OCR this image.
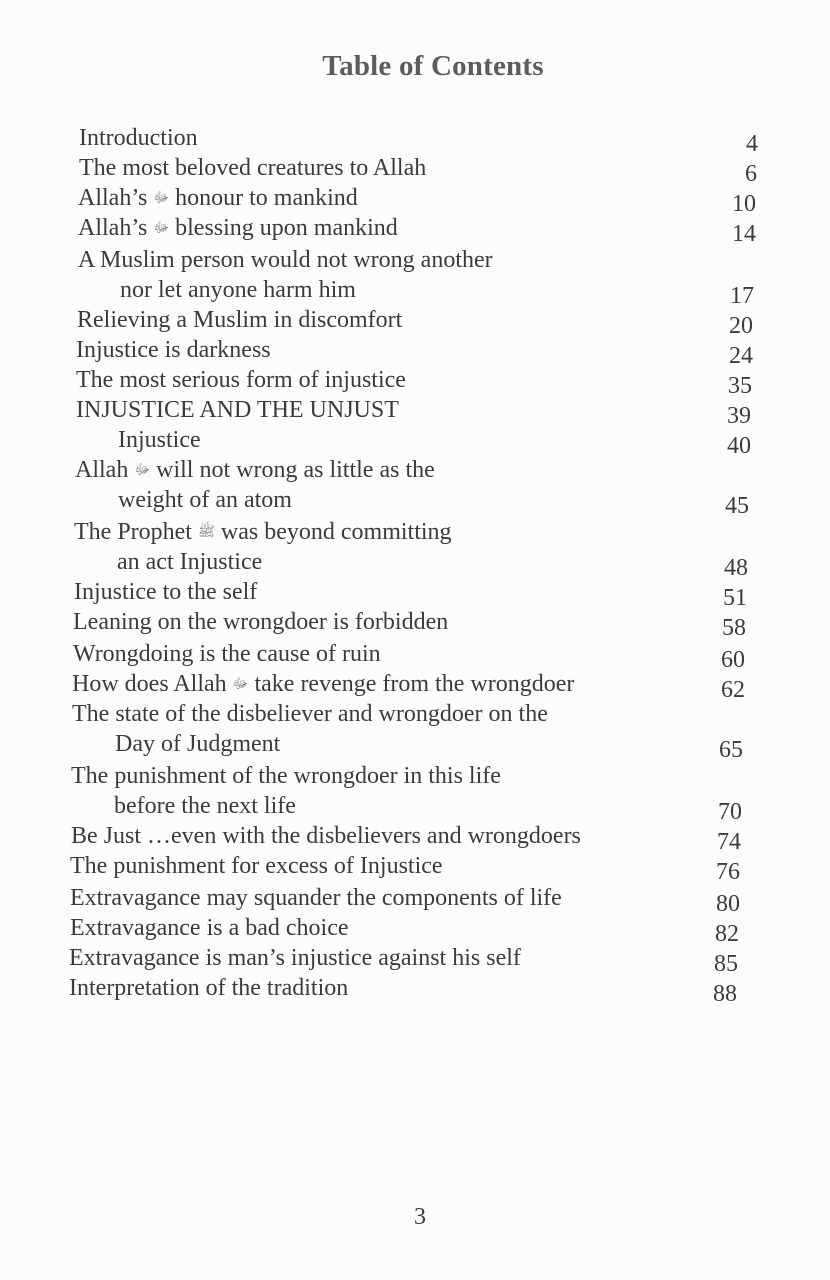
Table of Contents
Introduction	4
The most beloved creatures to Allah	6
Allah’s ﷻ honour to mankind	10
Allah’s ﷻ blessing upon mankind	14
A Muslim person would not wrong another
nor let anyone harm him	17
Relieving a Muslim in discomfort	20
Injustice is darkness	24
The most serious form of injustice	35
INJUSTICE AND THE UNJUST	39
Injustice	40
Allah ﷻ will not wrong as little as the
weight of an atom	45
The Prophet ﷺ was beyond committing
an act Injustice	48
Injustice to the self	51
Leaning on the wrongdoer is forbidden	58
Wrongdoing is the cause of ruin	60
How does Allah ﷻ take revenge from the wrongdoer	62
The state of the disbeliever and wrongdoer on the
Day of Judgment	65
The punishment of the wrongdoer in this life
before the next life	70
Be Just …even with the disbelievers and wrongdoers	74
The punishment for excess of Injustice	76
Extravagance may squander the components of life	80
Extravagance is a bad choice	82
Extravagance is man’s injustice against his self	85
Interpretation of the tradition	88
3
